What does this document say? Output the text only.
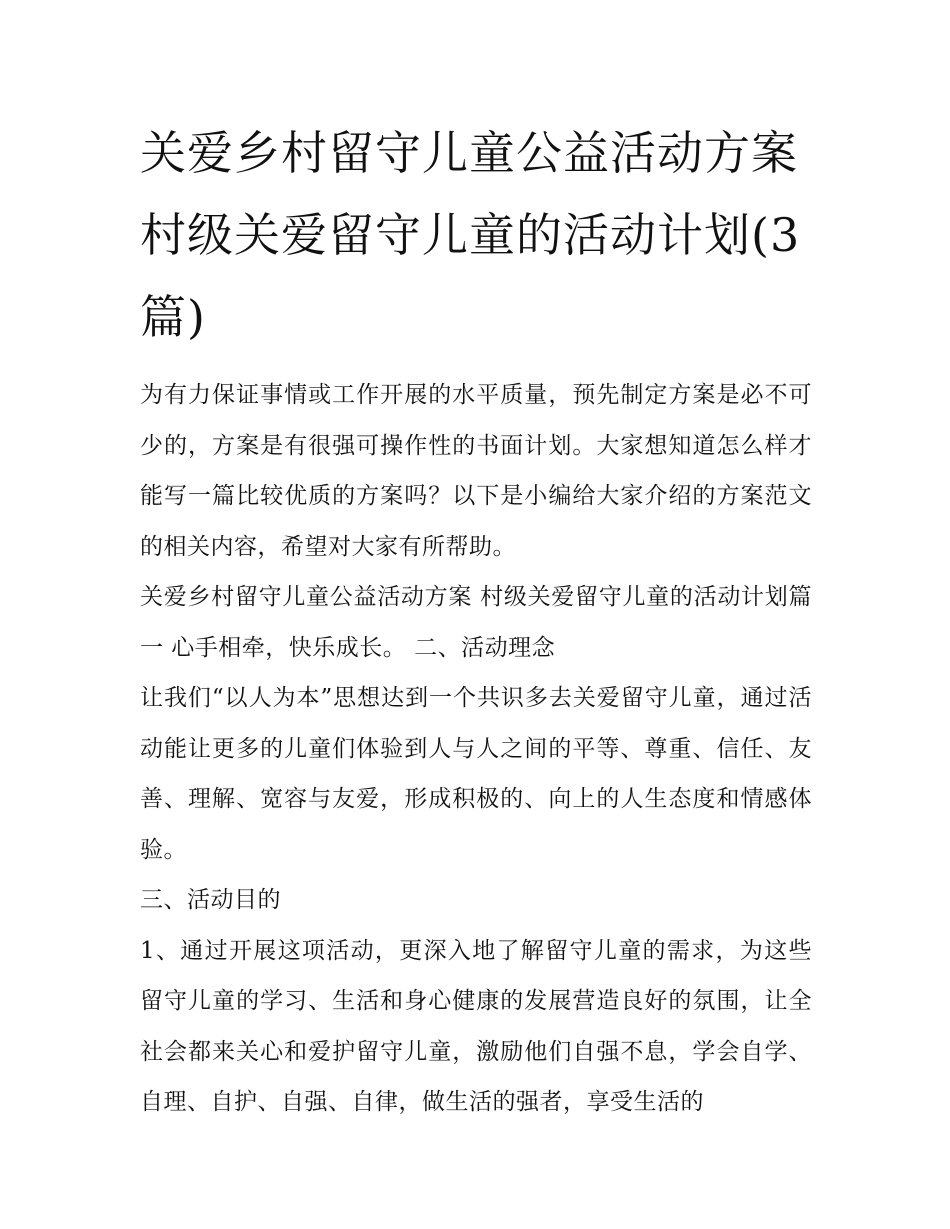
关爱乡村留守儿童公益活动方案 村级关爱留守儿童的活动计划(3 篇)

为有力保证事情或工作开展的水平质量，预先制定方案是必不可少的，方案是有很强可操作性的书面计划。大家想知道怎么样才能写一篇比较优质的方案吗？以下是小编给大家介绍的方案范文的相关内容，希望对大家有所帮助。

关爱乡村留守儿童公益活动方案 村级关爱留守儿童的活动计划篇一 心手相牵，快乐成长。 二、活动理念

让我们“以人为本”思想达到一个共识多去关爱留守儿童，通过活动能让更多的儿童们体验到人与人之间的平等、尊重、信任、友善、理解、宽容与友爱，形成积极的、向上的人生态度和情感体验。

三、活动目的

1、通过开展这项活动，更深入地了解留守儿童的需求，为这些留守儿童的学习、生活和身心健康的发展营造良好的氛围，让全社会都来关心和爱护留守儿童，激励他们自强不息，学会自学、自理、自护、自强、自律，做生活的强者，享受生活的
